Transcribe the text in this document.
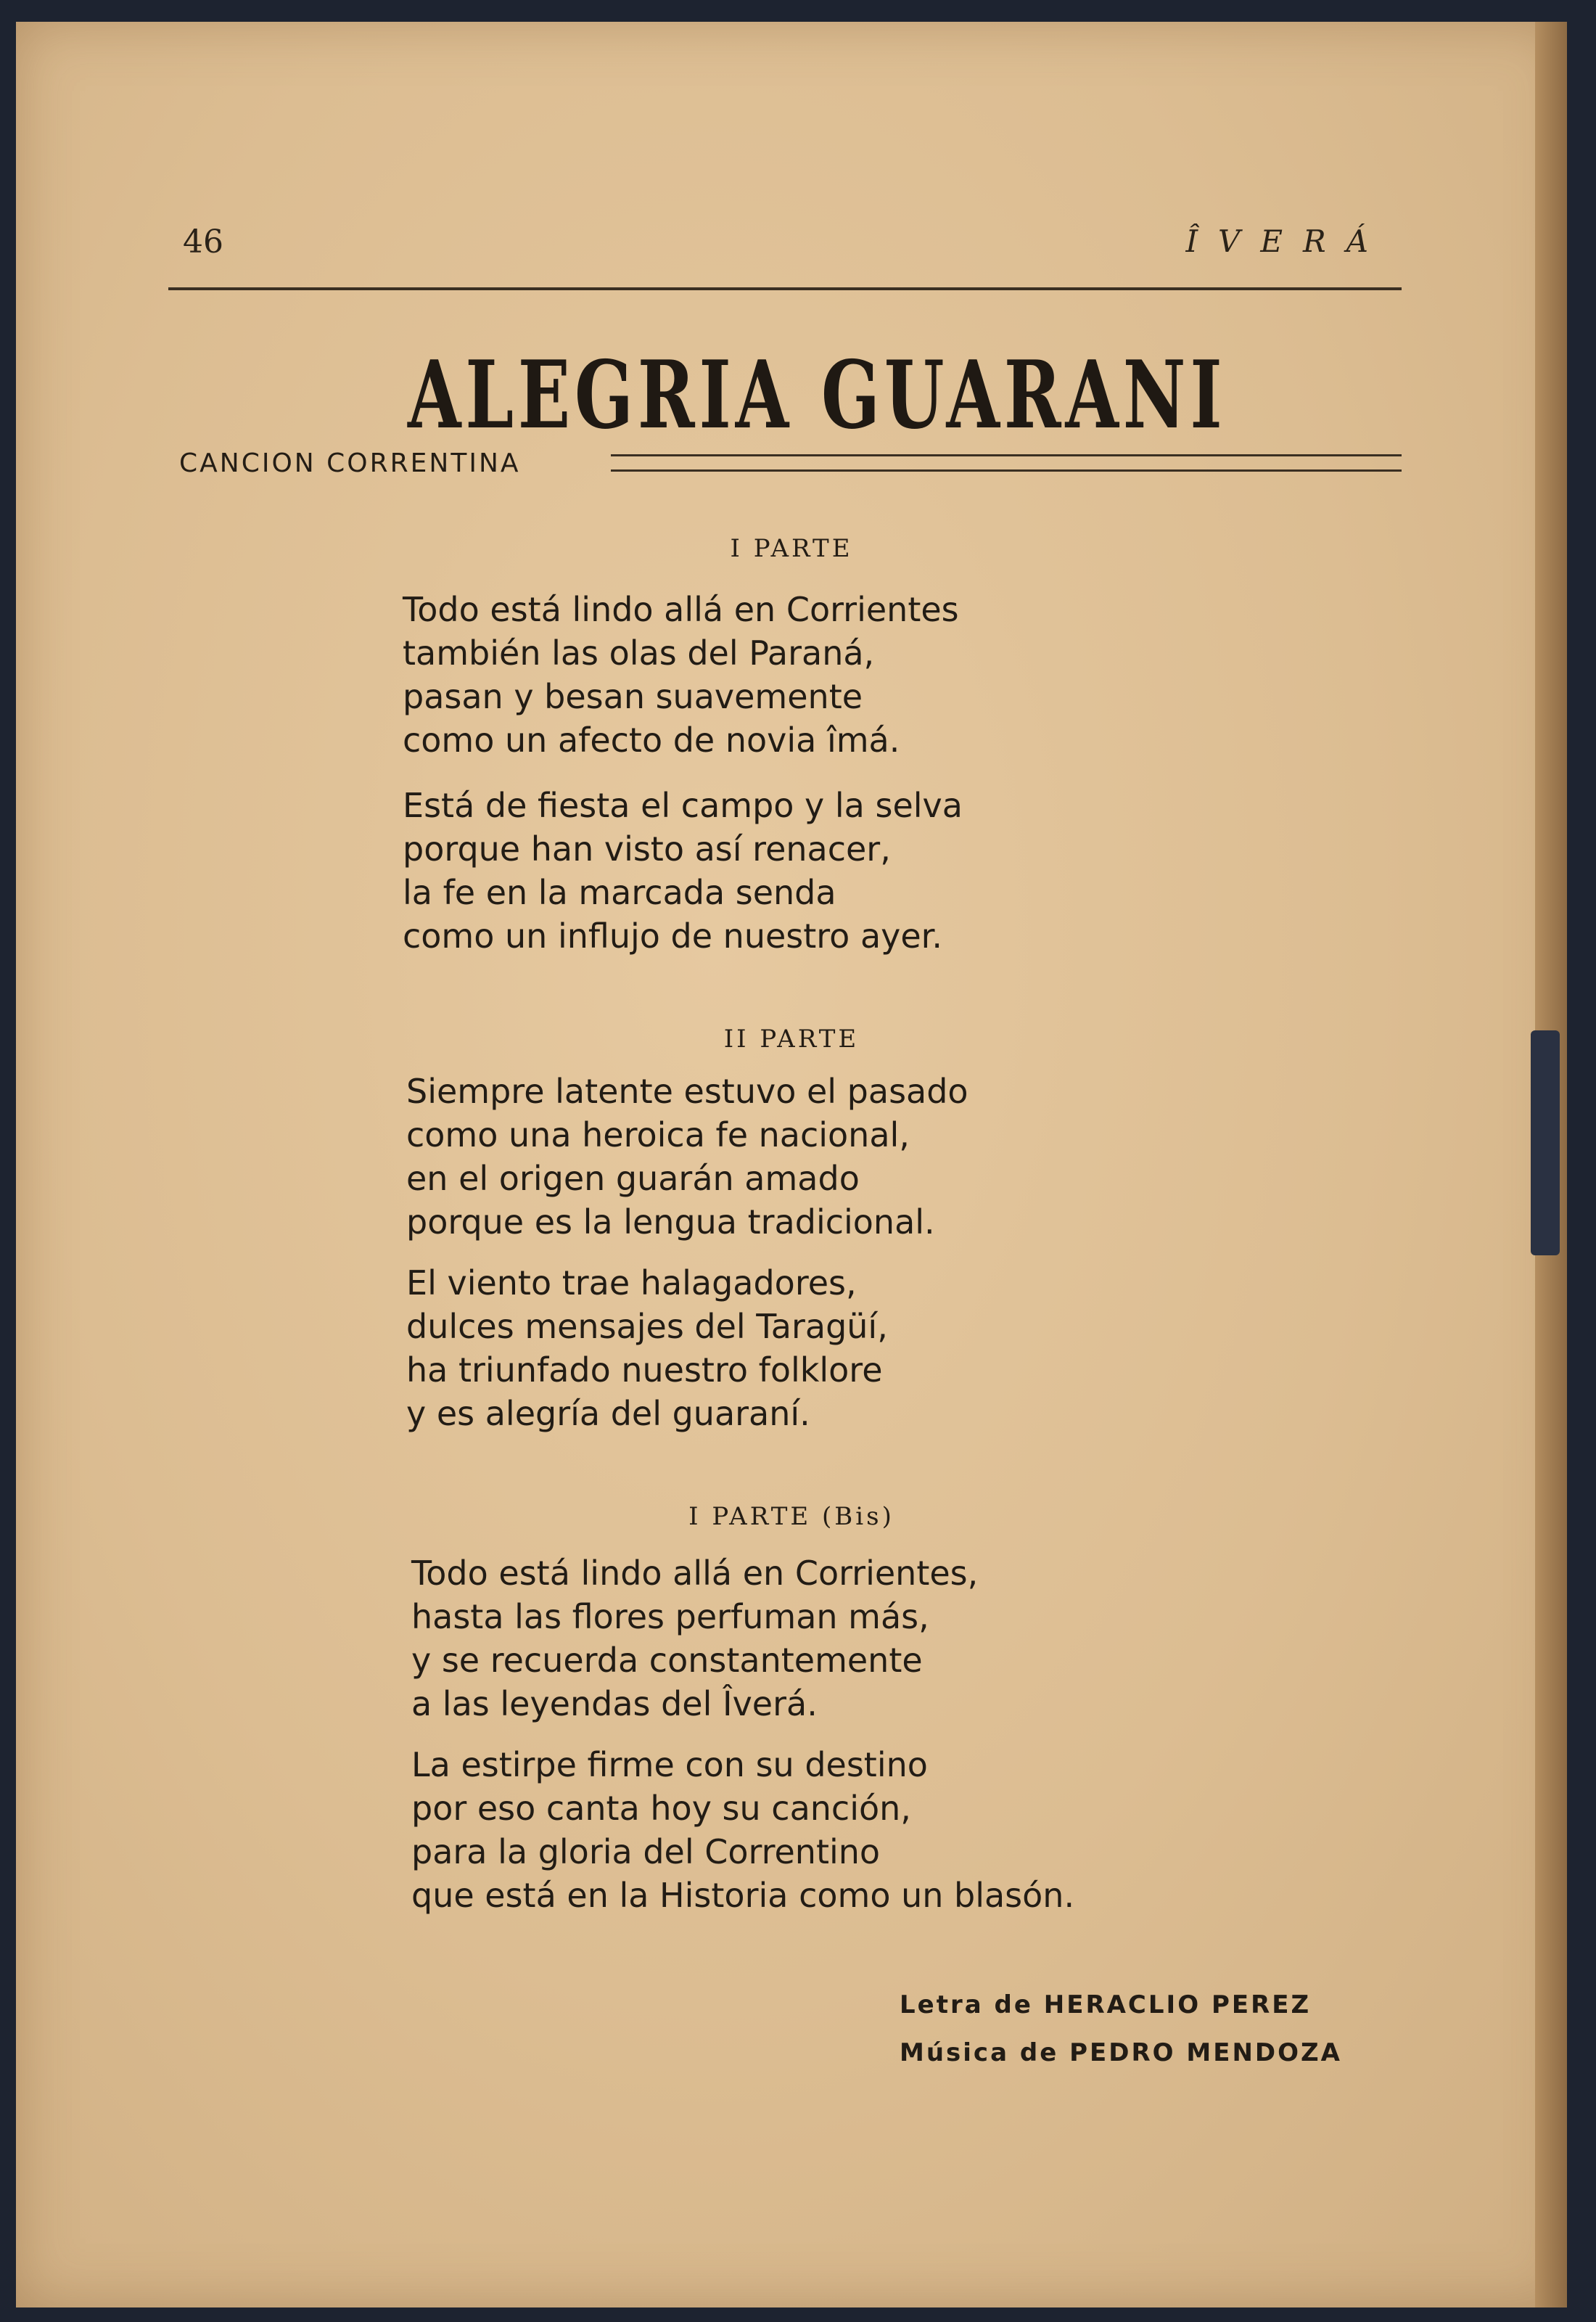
46	ÎVERÁ
ALEGRIA GUARANI
CANCION CORRENTINA
I PARTE
Todo está lindo allá en Corrientes
también las olas del Paraná,
pasan y besan suavemente
como un afecto de novia îmá.
Está de fiesta el campo y la selva
porque han visto así renacer,
la fe en la marcada senda
como un influjo de nuestro ayer.
II PARTE
Siempre latente estuvo el pasado
como una heroica fe nacional,
en el origen guarán amado
porque es la lengua tradicional.
El viento trae halagadores,
dulces mensajes del Taragüí,
ha triunfado nuestro folklore
y es alegría del guaraní.
I PARTE (Bis)
Todo está lindo allá en Corrientes,
hasta las flores perfuman más,
y se recuerda constantemente
a las leyendas del Îverá.
La estirpe firme con su destino
por eso canta hoy su canción,
para la gloria del Correntino
que está en la Historia como un blasón.
Letra de HERACLIO PEREZ
Música de PEDRO MENDOZA
